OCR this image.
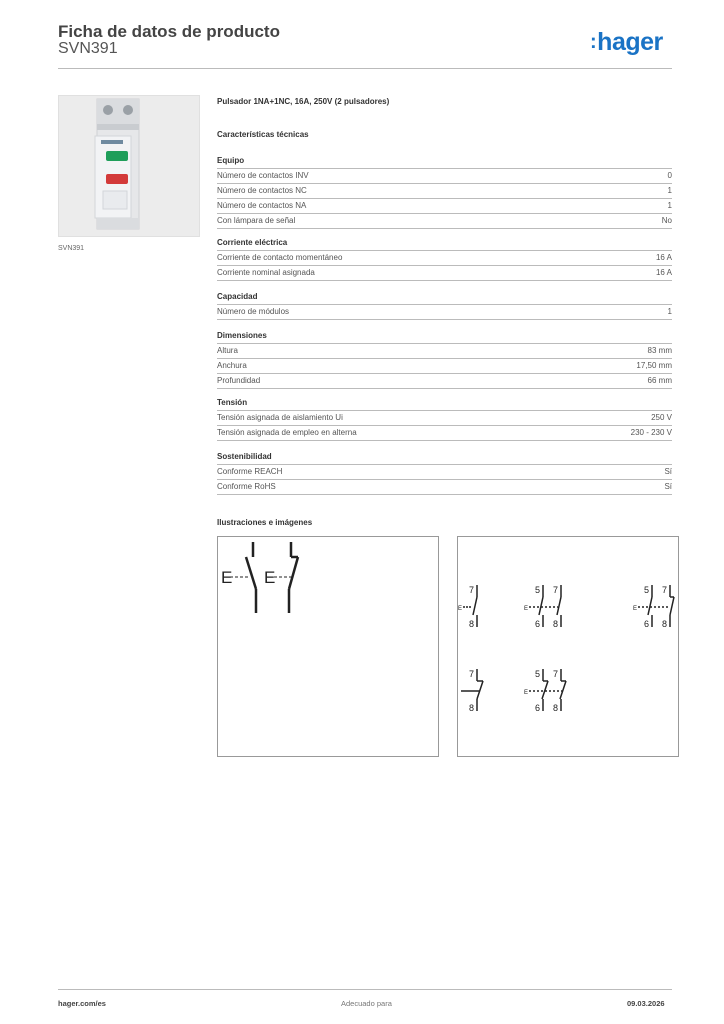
Ficha de datos de producto
SVN391	:hager
SVN391
Pulsador 1NA+1NC, 16A, 250V (2 pulsadores)
Características técnicas
Equipo
Número de contactos INV	0
Número de contactos NC	1
Número de contactos NA	1
Con lámpara de señal	No
Corriente eléctrica
Corriente de contacto momentáneo	16 A
Corriente nominal asignada	16 A
Capacidad
Número de módulos	1
Dimensiones
Altura	83 mm
Anchura	17,50 mm
Profundidad	66 mm
Tensión
Tensión asignada de aislamiento Ui	250 V
Tensión asignada de empleo en alterna	230 - 230 V
Sostenibilidad
Conforme REACH	Sí
Conforme RoHS	Sí
Ilustraciones e imágenes
E E
7
8
E
5 7
6 8
E
5 7
6 8
E
7
8
5 7
6 8
E
hager.com/es	Adecuado para	09.03.2026
